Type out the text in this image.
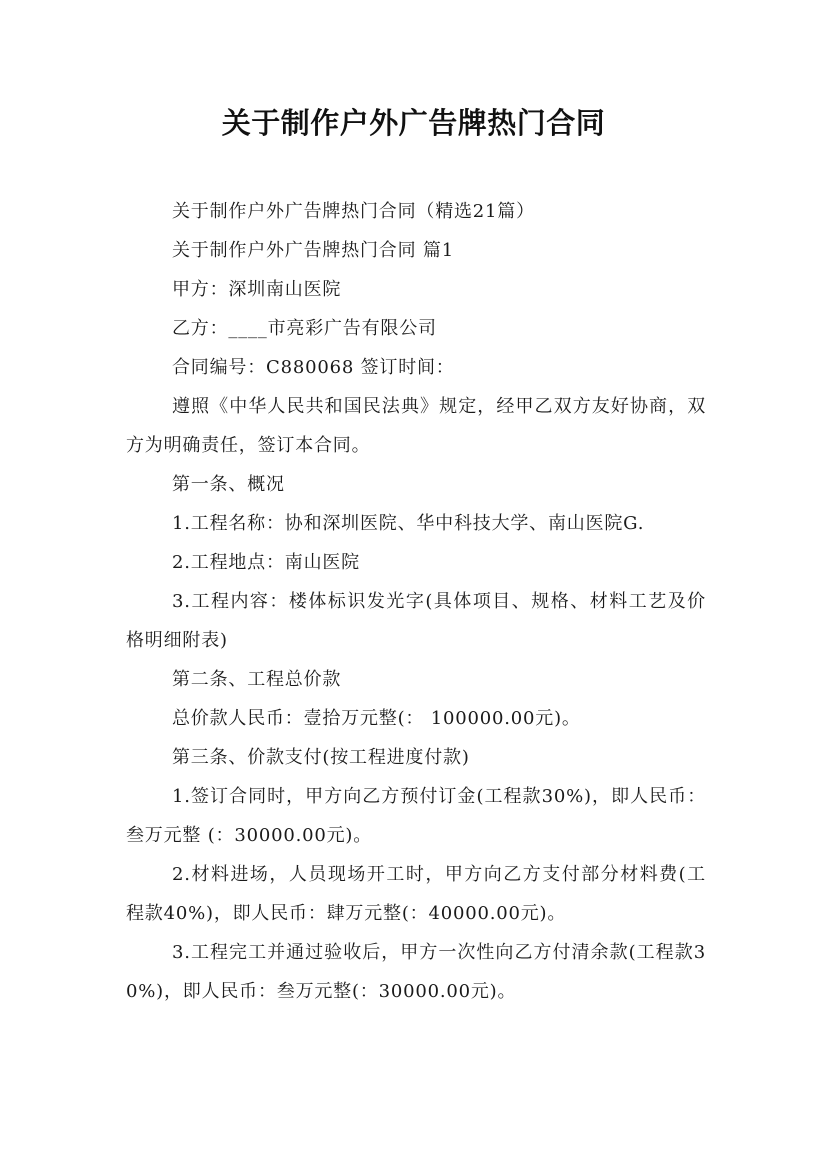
关于制作户外广告牌热门合同

关于制作户外广告牌热门合同（精选21篇）

关于制作户外广告牌热门合同 篇1

甲方：深圳南山医院

乙方：____市亮彩广告有限公司

合同编号：C880068 签订时间：

遵照《中华人民共和国民法典》规定，经甲乙双方友好协商，双方为明确责任，签订本合同。

第一条、概况

1.工程名称：协和深圳医院、华中科技大学、南山医院G.

2.工程地点：南山医院

3.工程内容：楼体标识发光字(具体项目、规格、材料工艺及价格明细附表)

第二条、工程总价款

总价款人民币：壹拾万元整(： 100000.00元)。

第三条、价款支付(按工程进度付款)

1.签订合同时，甲方向乙方预付订金(工程款30%)，即人民币：叁万元整 (：30000.00元)。

2.材料进场，人员现场开工时，甲方向乙方支付部分材料费(工程款40%)，即人民币：肆万元整(：40000.00元)。

3.工程完工并通过验收后，甲方一次性向乙方付清余款(工程款30%)，即人民币：叁万元整(：30000.00元)。
